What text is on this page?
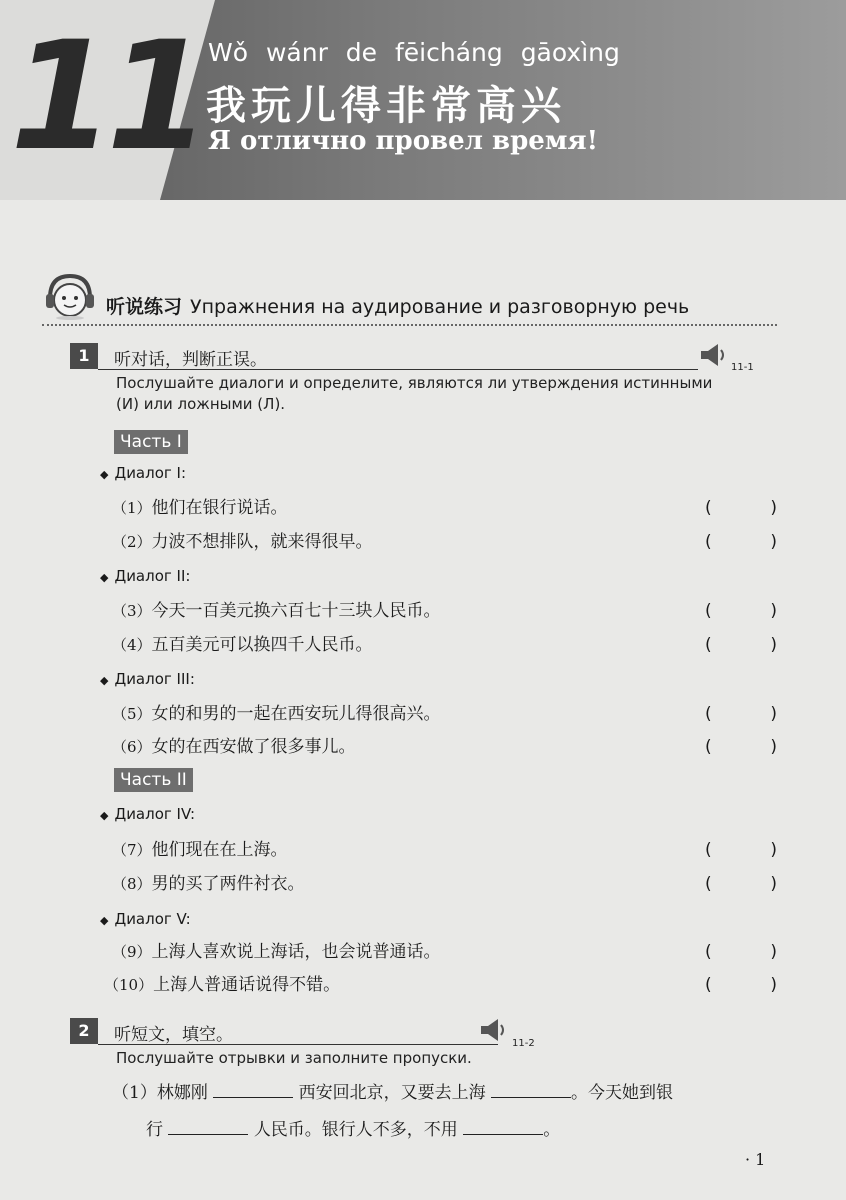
11 Wǒ wánr de fēicháng gāoxìng
我玩儿得非常高兴
Я отлично провел время!
听说练习 Упражнения на аудирование и разговорную речь
1	听对话，判断正误。
Послушайте диалоги и определите, являются ли утверждения истинными (И) или ложными (Л).
11-1
Часть I
◆ Диалог I:
（1）他们在银行说话。	(	)
（2）力波不想排队，就来得很早。	(	)
◆ Диалог II:
（3）今天一百美元换六百七十三块人民币。	(	)
（4）五百美元可以换四千人民币。	(	)
◆ Диалог III:
（5）女的和男的一起在西安玩儿得很高兴。	(	)
（6）女的在西安做了很多事儿。	(	)
Часть II
◆ Диалог IV:
（7）他们现在在上海。	(	)
（8）男的买了两件衬衣。	(	)
◆ Диалог V:
（9）上海人喜欢说上海话，也会说普通话。	(	)
（10）上海人普通话说得不错。	(	)
2	听短文，填空。
Послушайте отрывки и заполните пропуски.
11-2
（1）林娜刚	西安回北京，又要去上海	。今天她到银
行	人民币。银行人不多，不用	。
· 1
